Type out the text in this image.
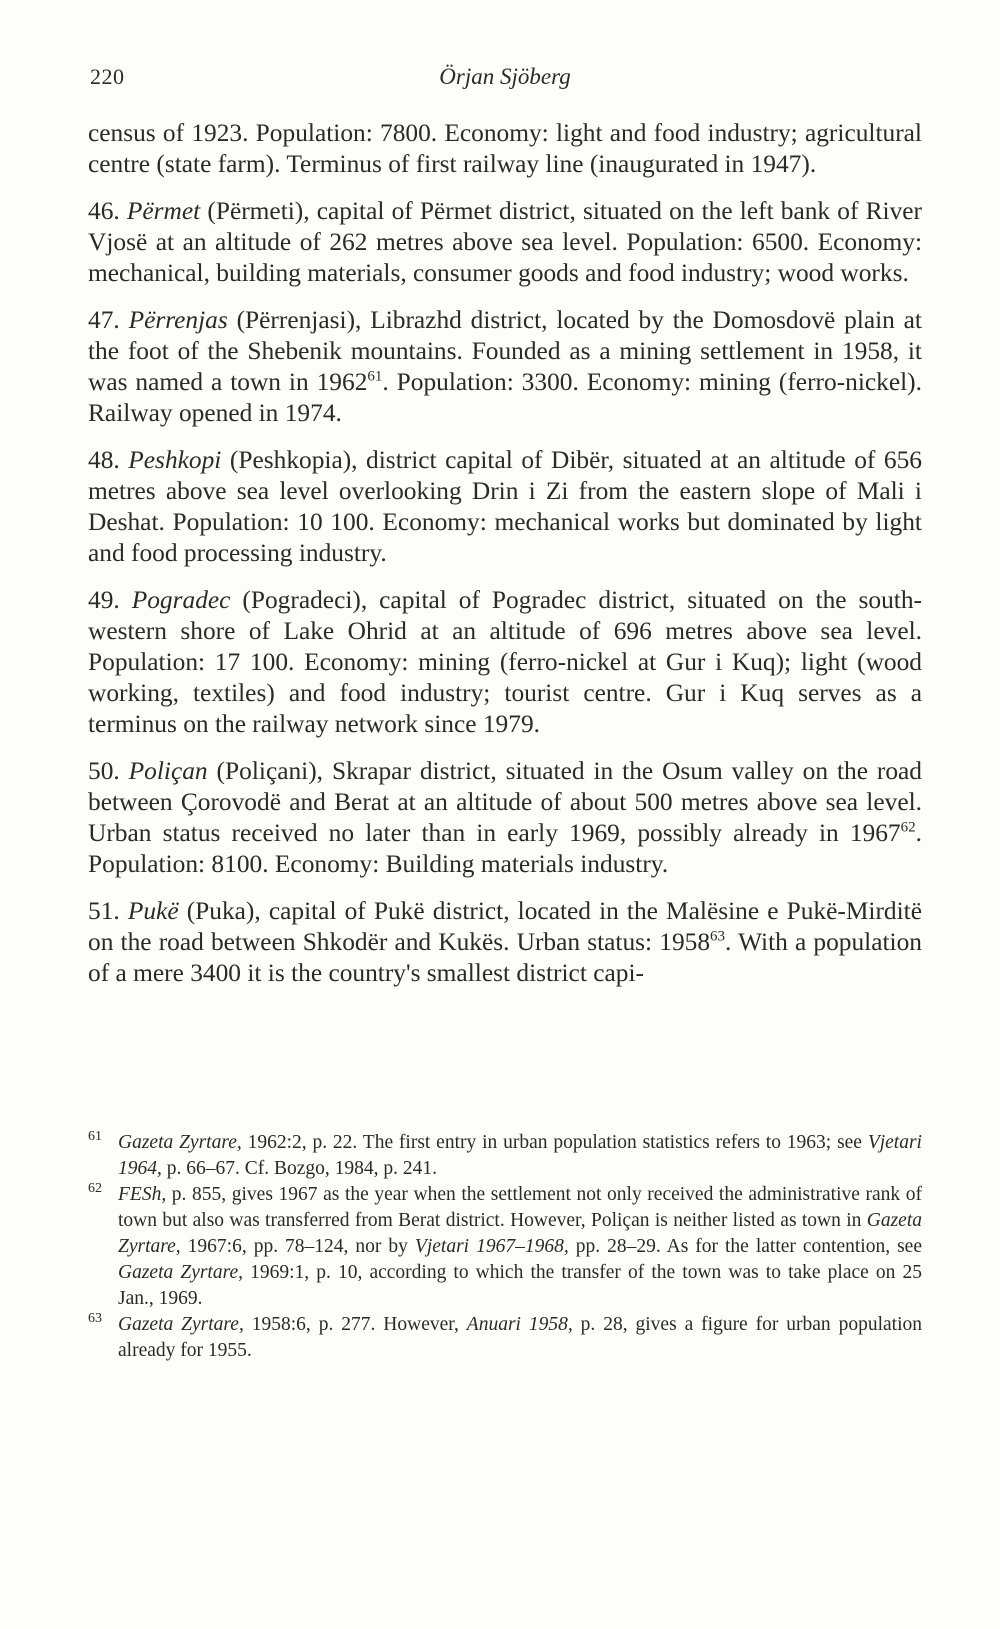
220	Örjan Sjöberg

census of 1923. Population: 7800. Economy: light and food industry; agricultural centre (state farm). Terminus of first railway line (inaugurated in 1947).

46. Përmet (Përmeti), capital of Përmet district, situated on the left bank of River Vjosë at an altitude of 262 metres above sea level. Population: 6500. Economy: mechanical, building materials, consumer goods and food industry; wood works.

47. Përrenjas (Përrenjasi), Librazhd district, located by the Domosdovë plain at the foot of the Shebenik mountains. Founded as a mining settlement in 1958, it was named a town in 1962$^{61}$. Population: 3300. Economy: mining (ferro-nickel). Railway opened in 1974.

48. Peshkopi (Peshkopia), district capital of Dibër, situated at an altitude of 656 metres above sea level overlooking Drin i Zi from the eastern slope of Mali i Deshat. Population: 10 100. Economy: mechanical works but dominated by light and food processing industry.

49. Pogradec (Pogradeci), capital of Pogradec district, situated on the south-western shore of Lake Ohrid at an altitude of 696 metres above sea level. Population: 17 100. Economy: mining (ferro-nickel at Gur i Kuq); light (wood working, textiles) and food industry; tourist centre. Gur i Kuq serves as a terminus on the railway network since 1979.

50. Poliçan (Poliçani), Skrapar district, situated in the Osum valley on the road between Çorovodë and Berat at an altitude of about 500 metres above sea level. Urban status received no later than in early 1969, possibly already in 1967$^{62}$. Population: 8100. Economy: Building materials industry.

51. Pukë (Puka), capital of Pukë district, located in the Malësine e Pukë-Mirditë on the road between Shkodër and Kukës. Urban status: 1958$^{63}$. With a population of a mere 3400 it is the country's smallest district capi-

61 Gazeta Zyrtare, 1962:2, p. 22. The first entry in urban population statistics refers to 1963; see Vjetari 1964, p. 66–67. Cf. Bozgo, 1984, p. 241.
62 FESh, p. 855, gives 1967 as the year when the settlement not only received the administrative rank of town but also was transferred from Berat district. However, Poliçan is neither listed as town in Gazeta Zyrtare, 1967:6, pp. 78–124, nor by Vjetari 1967–1968, pp. 28–29. As for the latter contention, see Gazeta Zyrtare, 1969:1, p. 10, according to which the transfer of the town was to take place on 25 Jan., 1969.
63 Gazeta Zyrtare, 1958:6, p. 277. However, Anuari 1958, p. 28, gives a figure for urban population already for 1955.
